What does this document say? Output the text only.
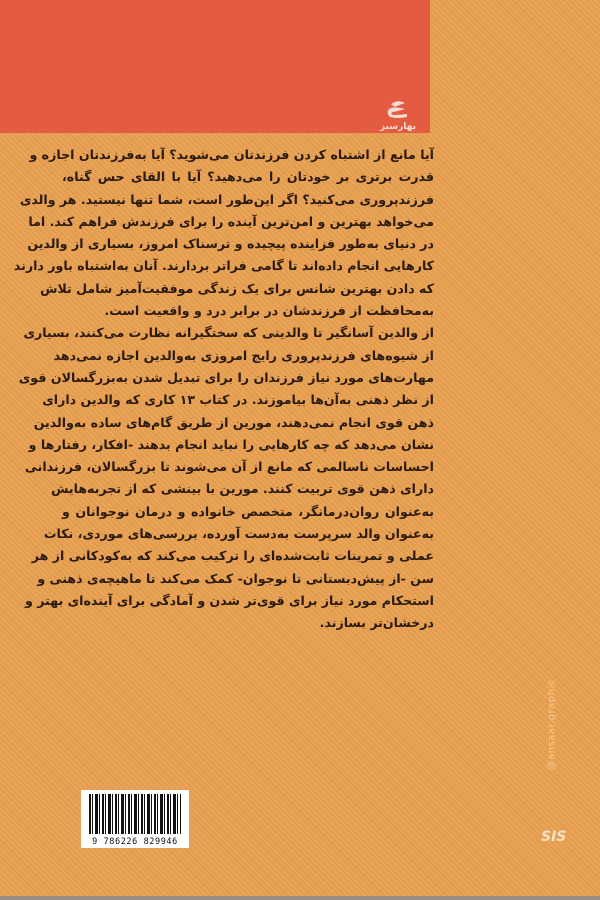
بهارسبز
آیا مانع از اشتباه کردن فرزندتان می‌شوید؟ آیا به‌فرزندتان اجازه و
قدرت برتری بر خودتان را می‌دهید؟ آیا با القای حس گناه،
فرزندپروری می‌کنید؟ اگر این‌طور است، شما تنها نیستید. هر والدی
می‌خواهد بهترین و امن‌ترین آینده را برای فرزندش فراهم کند. اما
در دنیای به‌طور فزاینده پیچیده و ترسناک امروز، بسیاری از والدین
کارهایی انجام داده‌اند تا گامی فراتر بردارند. آنان به‌اشتباه باور دارند
که دادن بهترین شانس برای یک زندگی موفقیت‌آمیز شامل تلاش
به‌محافظت از فرزندشان در برابر درد و واقعیت است.
از والدین آسانگیر تا والدینی که سختگیرانه نظارت می‌کنند، بسیاری
از شیوه‌های فرزندپروری رایج امروزی به‌والدین اجازه نمی‌دهد
مهارت‌های مورد نیاز فرزندان را برای تبدیل شدن به‌بزرگسالان قوی
از نظر ذهنی به‌آن‌ها بیاموزند. در کتاب ۱۳ کاری که والدین دارای
ذهن قوی انجام نمی‌دهند، مورین از طریق گام‌های ساده به‌والدین
نشان می‌دهد که چه کارهایی را نباید انجام بدهند -افکار، رفتارها و
احساسات ناسالمی که مانع از آن می‌شوند تا بزرگسالان، فرزندانی
دارای ذهن قوی تربیت کنند. مورین با بینشی که از تجربه‌هایش
به‌عنوان روان‌درمانگر، متخصص خانواده و درمان نوجوانان و
به‌عنوان والد سرپرست به‌دست آورده، بررسی‌های موردی، نکات
عملی و تمرینات ثابت‌شده‌ای را ترکیب می‌کند که به‌کودکانی از هر
سن -از پیش‌دبستانی تا نوجوان- کمک می‌کند تا ماهیچه‌ی ذهنی و
استحکام مورد نیاز برای قوی‌تر شدن و آمادگی برای آینده‌ای بهتر و
درخشان‌تر بسازند.
9 786226 829946
@ansaar.graphic
SIS
